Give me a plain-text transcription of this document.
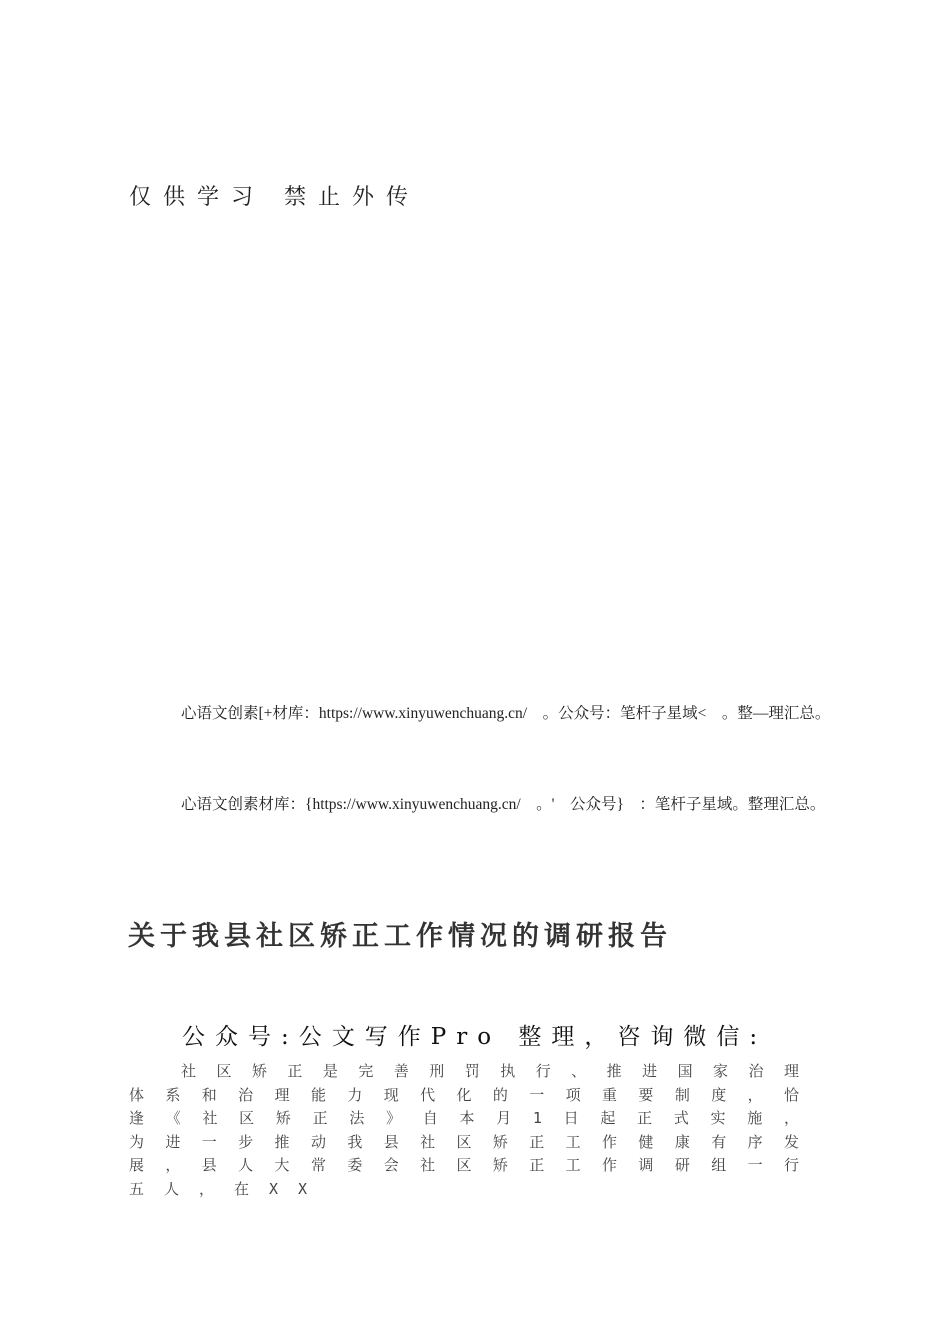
仅供学习 禁止外传

心语文创素[+材库：https://www.xinyuwenchuang.cn/　。公众号：笔杆子星域<　。整—理汇总。

心语文创素材库：{https://www.xinyuwenchuang.cn/　。'　公众号}　：笔杆子星域。整理汇总。

关于我县社区矫正工作情况的调研报告
公众号:公文写作Pro 整理，咨询微信:

社区矫正是完善刑罚执行、推进国家治理体系和治理能力现代化的一项重要制度，恰逢《社区矫正法》自本月1日起正式实施，为进一步推动我县社区矫正工作健康有序发展，县人大常委会社区矫正工作调研组一行五人，在XX
